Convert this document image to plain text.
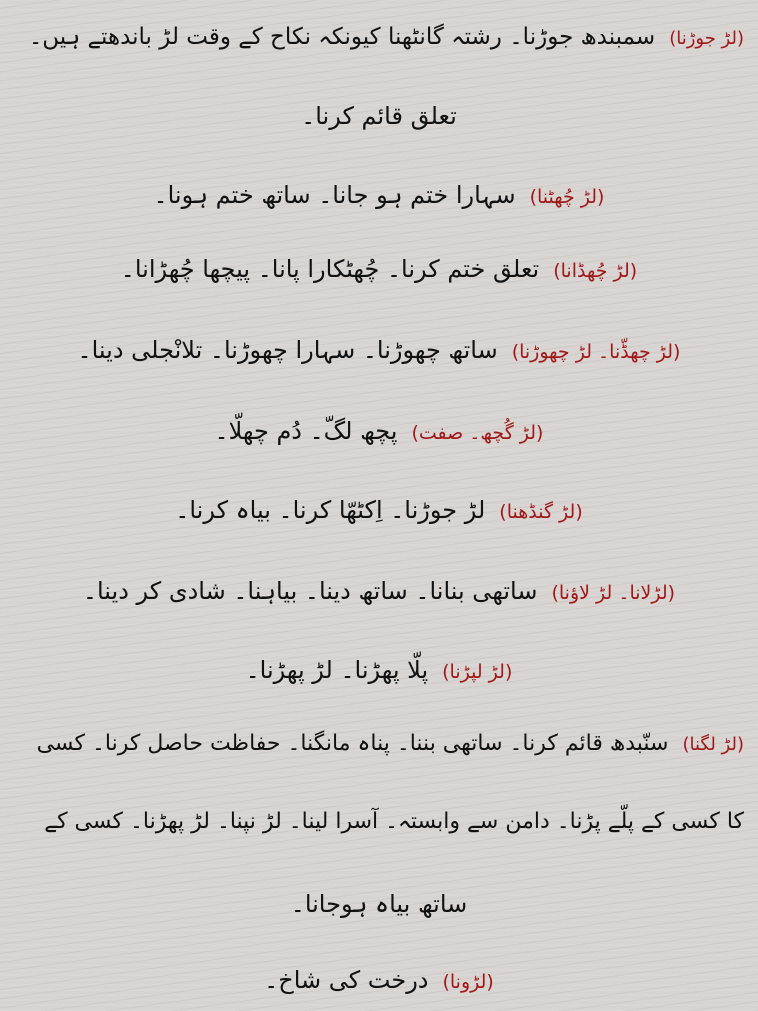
(لڑ جوڑنا)سمبندھ جوڑنا۔ رشتہ گانٹھنا کیونکہ نکاح کے وقت لڑ باندھتے ہیں۔
تعلق قائم کرنا۔
(لڑ چُھٹنا)سہارا ختم ہو جانا۔ ساتھ ختم ہونا۔
(لڑ چُھڈانا)تعلق ختم کرنا۔ چُھٹکارا پانا۔ پیچھا چُھڑانا۔
(لڑ چھڈّنا۔ لڑ چھوڑنا)ساتھ چھوڑنا۔ سہارا چھوڑنا۔ تلانْجلی دینا۔
(لڑ گُچھ۔ صفت)پچھ لگّ۔ دُم چھلّا۔
(لڑ گنڈھنا)لڑ جوڑنا۔ اِکٹھّا کرنا۔ بیاہ کرنا۔
(لڑلانا۔ لڑ لاؤنا)ساتھی بنانا۔ ساتھ دینا۔ بیاہنا۔ شادی کر دینا۔
(لڑ لپڑنا)پلّا پھڑنا۔ لڑ پھڑنا۔
(لڑ لگنا)سنّبدھ قائم کرنا۔ ساتھی بننا۔ پناہ مانگنا۔ حفاظت حاصل کرنا۔ کسی
کا کسی کے پلّے پڑنا۔ دامن سے وابستہ۔ آسرا لینا۔ لڑ نپنا۔ لڑ پھڑنا۔ کسی کے
ساتھ بیاہ ہوجانا۔
(لڑونا)درخت کی شاخ۔
